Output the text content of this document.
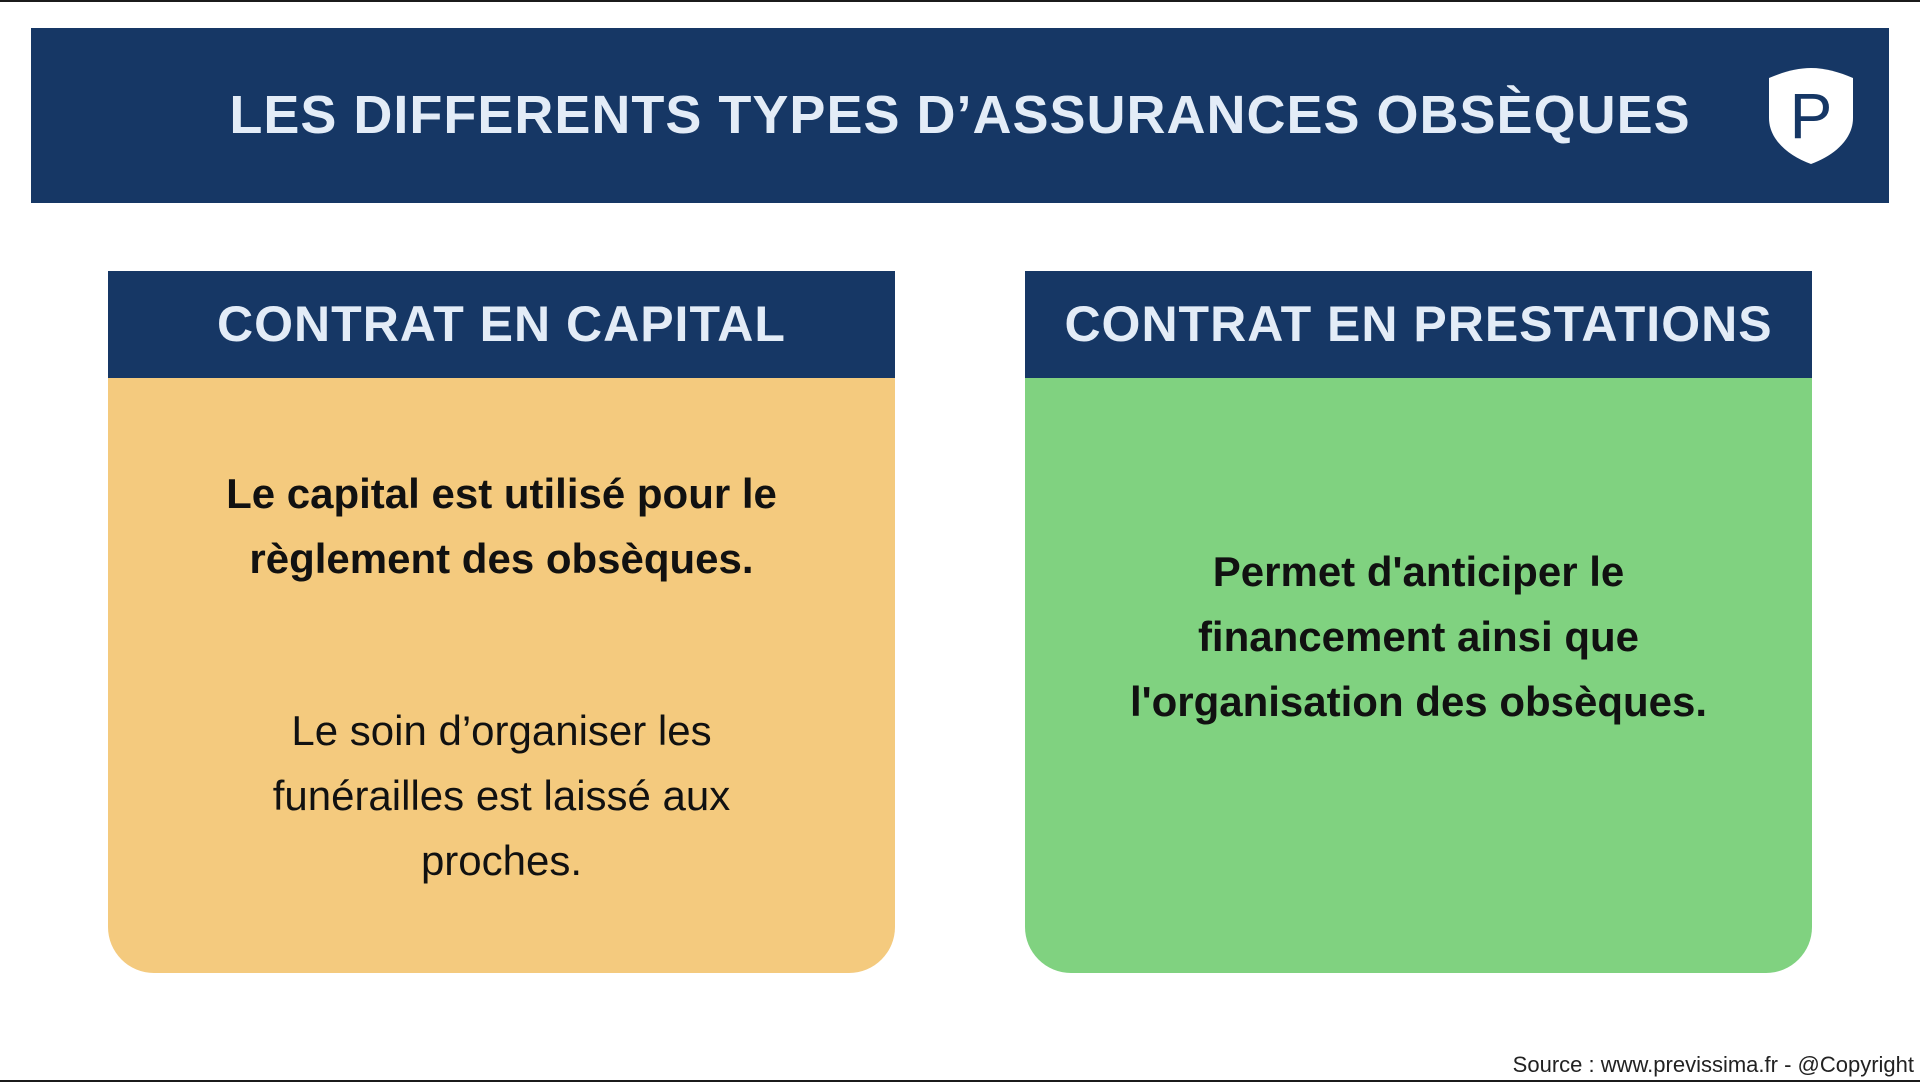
LES DIFFERENTS TYPES D’ASSURANCES OBSÈQUES	P
CONTRAT EN CAPITAL
Le capital est utilisé pour le
règlement des obsèques.
Le soin d’organiser les
funérailles est laissé aux
proches.
CONTRAT EN PRESTATIONS
Permet d'anticiper le
financement ainsi que
l'organisation des obsèques.
Source : www.previssima.fr - @Copyright
